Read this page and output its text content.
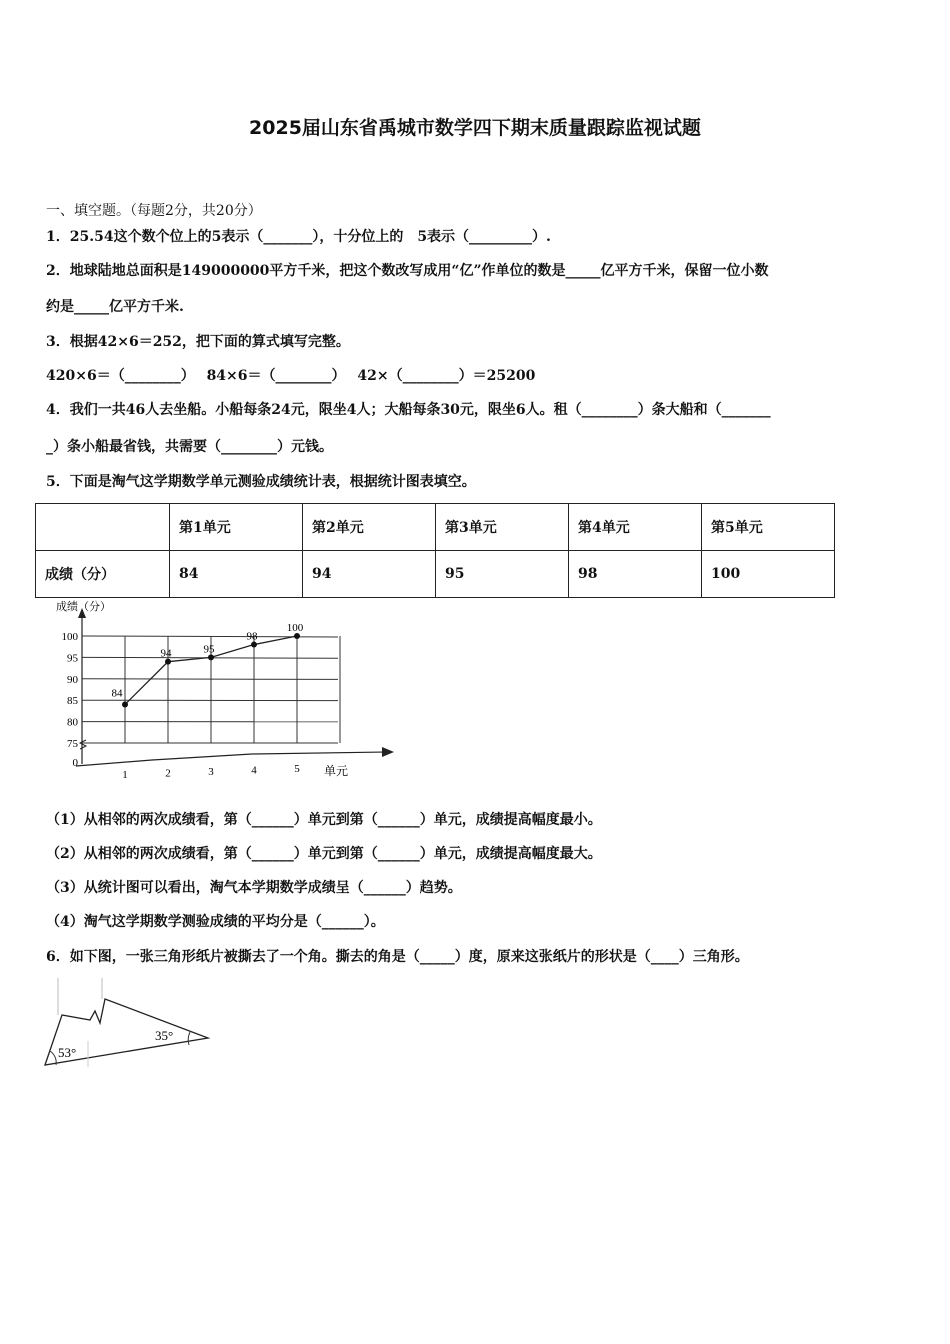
2025届山东省禹城市数学四下期末质量跟踪监视试题
一、填空题。（每题2分，共20分）
1．25.54这个数个位上的5表示（_______），十分位上的　5表示（_________）.
2．地球陆地总面积是149000000平方千米，把这个数改写成用“亿”作单位的数是_____亿平方千米，保留一位小数
约是_____亿平方千米.
3．根据42×6＝252，把下面的算式填写完整。
420×6＝（________）　 84×6＝（________）　 42×（________）＝25200
4．我们一共46人去坐船。小船每条24元，限坐4人；大船每条30元，限坐6人。租（________）条大船和（_______
_）条小船最省钱，共需要（________）元钱。
5．下面是淘气这学期数学单元测验成绩统计表，根据统计图表填空。
	第1单元	第2单元	第3单元	第4单元	第5单元
成绩（分）	84	94	95	98	100
100
95
90
85
80
75
0
1	2	3	4	5
84
94	95
98
100
成绩（分）
单元
（1）从相邻的两次成绩看，第（______）单元到第（______）单元，成绩提高幅度最小。
（2）从相邻的两次成绩看，第（______）单元到第（______）单元，成绩提高幅度最大。
（3）从统计图可以看出，淘气本学期数学成绩呈（______）趋势。
（4）淘气这学期数学测验成绩的平均分是（______）。
6．如下图，一张三角形纸片被撕去了一个角。撕去的角是（_____）度，原来这张纸片的形状是（____）三角形。
53°
35°
